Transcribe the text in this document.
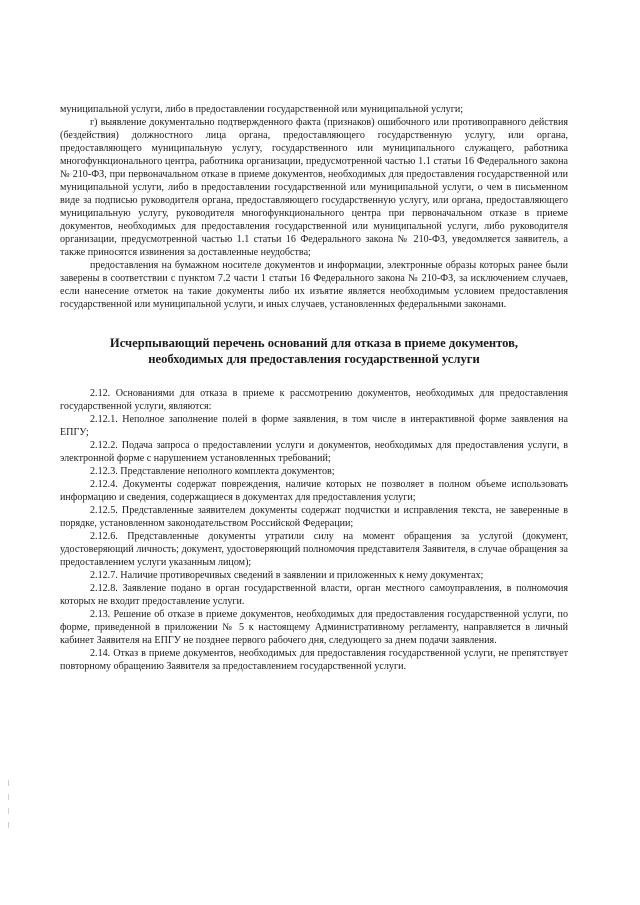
муниципальной услуги, либо в предоставлении государственной или муниципальной услуги;

г) выявление документально подтвержденного факта (признаков) ошибочного или противоправного действия (бездействия) должностного лица органа, предоставляющего государственную услугу, или органа, предоставляющего муниципальную услугу, государственного или муниципального служащего, работника многофункционального центра, работника организации, предусмотренной частью 1.1 статьи 16 Федерального закона № 210-ФЗ, при первоначальном отказе в приеме документов, необходимых для предоставления государственной или муниципальной услуги, либо в предоставлении государственной или муниципальной услуги, о чем в письменном виде за подписью руководителя органа, предоставляющего государственную услугу, или органа, предоставляющего муниципальную услугу, руководителя многофункционального центра при первоначальном отказе в приеме документов, необходимых для предоставления государственной или муниципальной услуги, либо руководителя организации, предусмотренной частью 1.1 статьи 16 Федерального закона № 210-ФЗ, уведомляется заявитель, а также приносятся извинения за доставленные неудобства;

предоставления на бумажном носителе документов и информации, электронные образы которых ранее были заверены в соответствии с пунктом 7.2 части 1 статьи 16 Федерального закона № 210-ФЗ, за исключением случаев, если нанесение отметок на такие документы либо их изъятие является необходимым условием предоставления государственной или муниципальной услуги, и иных случаев, установленных федеральными законами.

Исчерпывающий перечень оснований для отказа в приеме документов,
необходимых для предоставления государственной услуги

2.12. Основаниями для отказа в приеме к рассмотрению документов, необходимых для предоставления государственной услуги, являются:

2.12.1. Неполное заполнение полей в форме заявления, в том числе в интерактивной форме заявления на ЕПГУ;

2.12.2. Подача запроса о предоставлении услуги и документов, необходимых для предоставления услуги, в электронной форме с нарушением установленных требований;

2.12.3. Представление неполного комплекта документов;

2.12.4. Документы содержат повреждения, наличие которых не позволяет в полном объеме использовать информацию и сведения, содержащиеся в документах для предоставления услуги;

2.12.5. Представленные заявителем документы содержат подчистки и исправления текста, не заверенные в порядке, установленном законодательством Российской Федерации;

2.12.6. Представленные документы утратили силу на момент обращения за услугой (документ, удостоверяющий личность; документ, удостоверяющий полномочия представителя Заявителя, в случае обращения за предоставлением услуги указанным лицом);

2.12.7. Наличие противоречивых сведений в заявлении и приложенных к нему документах;

2.12.8. Заявление подано в орган государственной власти, орган местного самоуправления, в полномочия которых не входит предоставление услуги.

2.13. Решение об отказе в приеме документов, необходимых для предоставления государственной услуги, по форме, приведенной в приложении № 5 к настоящему Административному регламенту, направляется в личный кабинет Заявителя на ЕПГУ не позднее первого рабочего дня, следующего за днем подачи заявления.

2.14. Отказ в приеме документов, необходимых для предоставления государственной услуги, не препятствует повторному обращению Заявителя за предоставлением государственной услуги.
